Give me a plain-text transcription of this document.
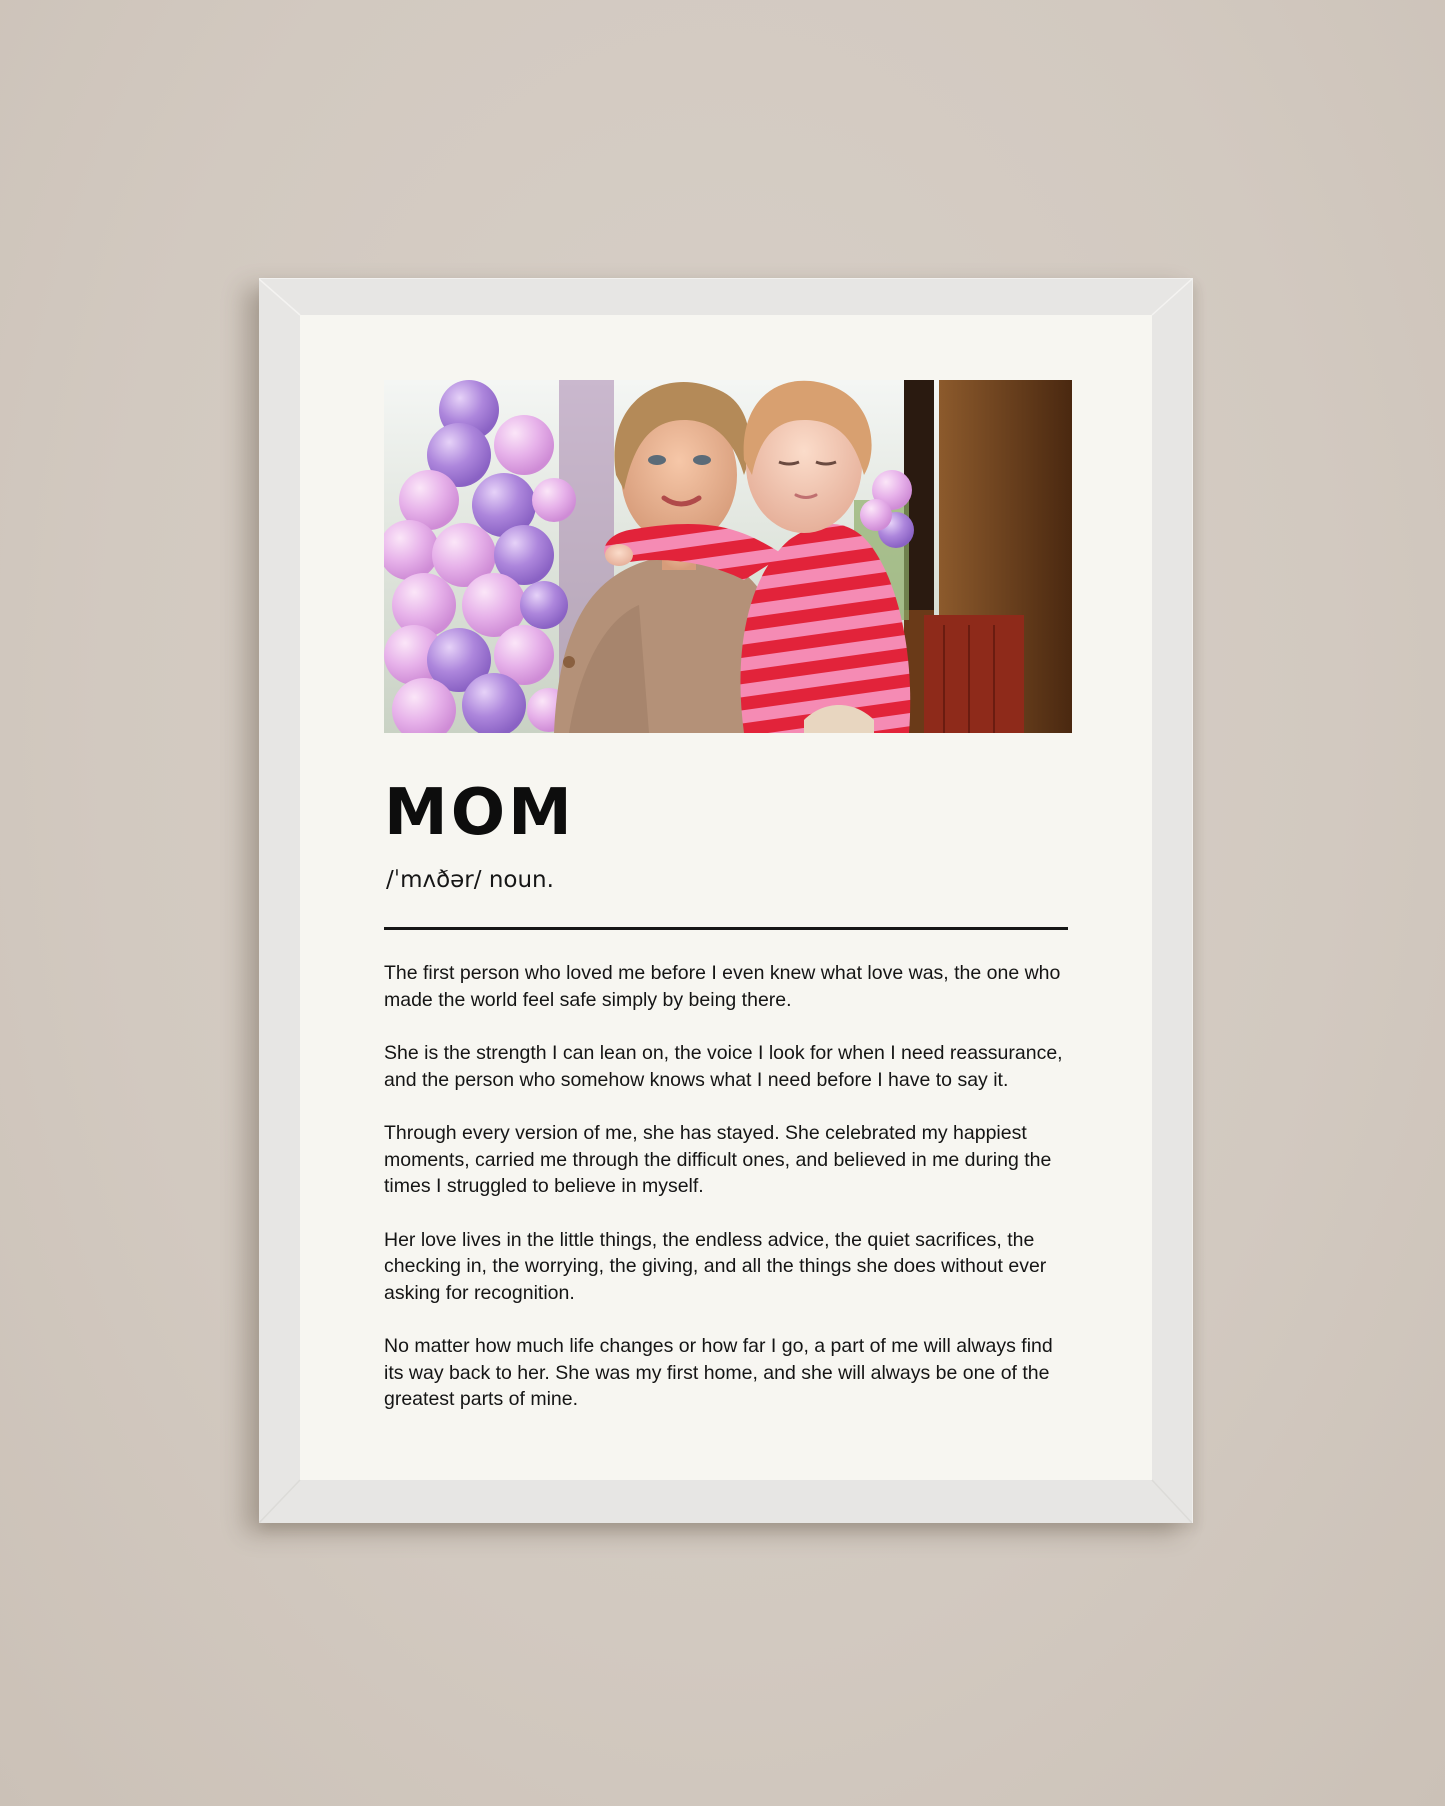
MOM

/ˈmʌðər/ noun.

The first person who loved me before I even knew what love was, the one who made the world feel safe simply by being there.

She is the strength I can lean on, the voice I look for when I need reassurance, and the person who somehow knows what I need before I have to say it.

Through every version of me, she has stayed. She celebrated my happiest moments, carried me through the difficult ones, and believed in me during the times I struggled to believe in myself.

Her love lives in the little things, the endless advice, the quiet sacrifices, the checking in, the worrying, the giving, and all the things she does without ever asking for recognition.

No matter how much life changes or how far I go, a part of me will always find its way back to her. She was my first home, and she will always be one of the greatest parts of mine.
